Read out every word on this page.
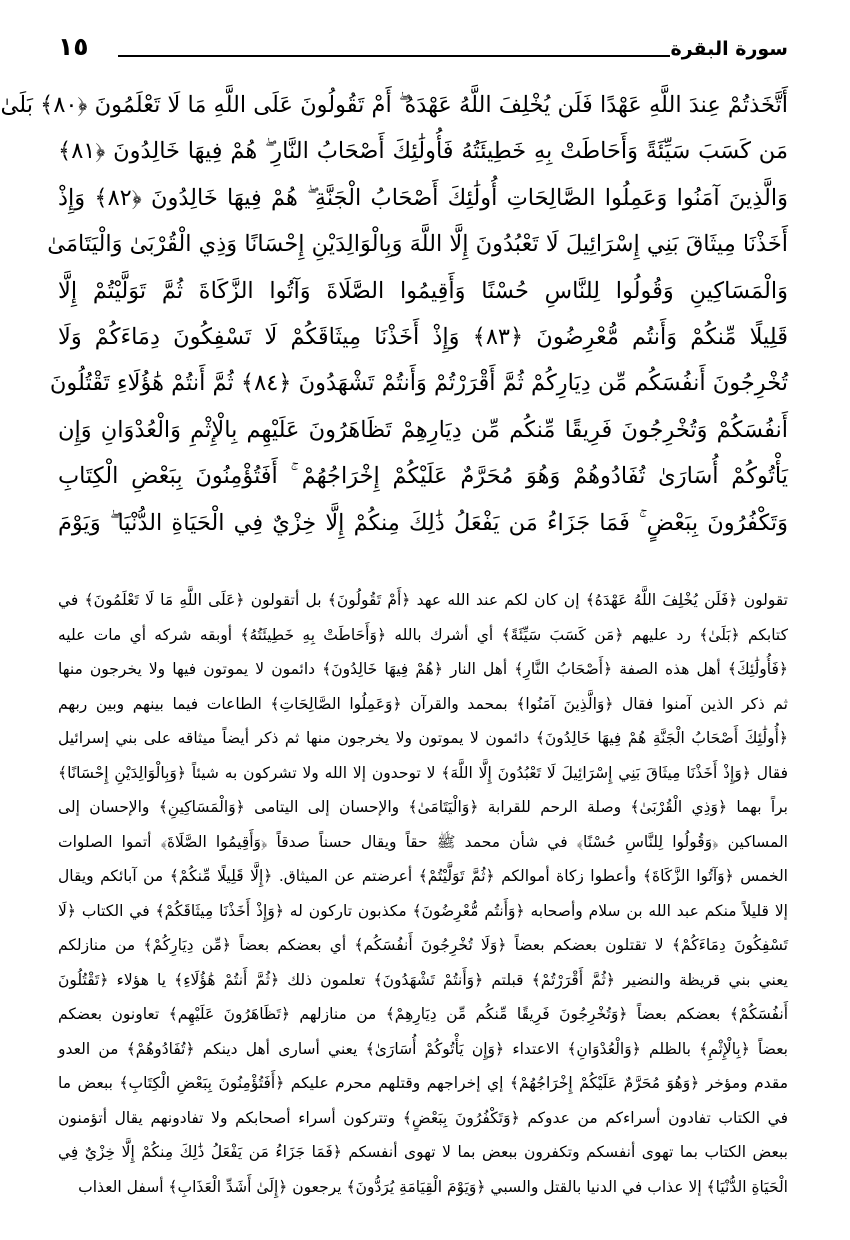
سورة البقرة
١٥
أَتَّخَذتُمْ عِندَ اللَّهِ عَهْدًا فَلَن يُخْلِفَ اللَّهُ عَهْدَهُ ۖ أَمْ تَقُولُونَ عَلَى اللَّهِ مَا لَا تَعْلَمُونَ ﴿٨٠﴾ بَلَىٰ
مَن كَسَبَ سَيِّئَةً وَأَحَاطَتْ بِهِ خَطِيئَتُهُ فَأُولَٰئِكَ أَصْحَابُ النَّارِ ۖ هُمْ فِيهَا خَالِدُونَ ﴿٨١﴾
وَالَّذِينَ آمَنُوا وَعَمِلُوا الصَّالِحَاتِ أُولَٰئِكَ أَصْحَابُ الْجَنَّةِ ۖ هُمْ فِيهَا خَالِدُونَ ﴿٨٢﴾ وَإِذْ
أَخَذْنَا مِيثَاقَ بَنِي إِسْرَائِيلَ لَا تَعْبُدُونَ إِلَّا اللَّهَ وَبِالْوَالِدَيْنِ إِحْسَانًا وَذِي الْقُرْبَىٰ وَالْيَتَامَىٰ
وَالْمَسَاكِينِ وَقُولُوا لِلنَّاسِ حُسْنًا وَأَقِيمُوا الصَّلَاةَ وَآتُوا الزَّكَاةَ ثُمَّ تَوَلَّيْتُمْ إِلَّا
قَلِيلًا مِّنكُمْ وَأَنتُم مُّعْرِضُونَ ﴿٨٣﴾ وَإِذْ أَخَذْنَا مِيثَاقَكُمْ لَا تَسْفِكُونَ دِمَاءَكُمْ وَلَا
تُخْرِجُونَ أَنفُسَكُم مِّن دِيَارِكُمْ ثُمَّ أَقْرَرْتُمْ وَأَنتُمْ تَشْهَدُونَ ﴿٨٤﴾ ثُمَّ أَنتُمْ هَٰؤُلَاءِ تَقْتُلُونَ
أَنفُسَكُمْ وَتُخْرِجُونَ فَرِيقًا مِّنكُم مِّن دِيَارِهِمْ تَظَاهَرُونَ عَلَيْهِم بِالْإِثْمِ وَالْعُدْوَانِ وَإِن
يَأْتُوكُمْ أُسَارَىٰ تُفَادُوهُمْ وَهُوَ مُحَرَّمٌ عَلَيْكُمْ إِخْرَاجُهُمْ ۚ أَفَتُؤْمِنُونَ بِبَعْضِ الْكِتَابِ
وَتَكْفُرُونَ بِبَعْضٍ ۚ فَمَا جَزَاءُ مَن يَفْعَلُ ذَٰلِكَ مِنكُمْ إِلَّا خِزْيٌ فِي الْحَيَاةِ الدُّنْيَا ۖ وَيَوْمَ
تقولون ﴿فَلَن يُخْلِفَ اللَّهُ عَهْدَهُ﴾ إن كان لكم عند الله عهد ﴿أَمْ تَقُولُونَ﴾ بل أتقولون ﴿عَلَى اللَّهِ مَا لَا تَعْلَمُونَ﴾ في
كتابكم ﴿بَلَىٰ﴾ رد عليهم ﴿مَن كَسَبَ سَيِّئَةً﴾ أي أشرك بالله ﴿وَأَحَاطَتْ بِهِ خَطِيئَتُهُ﴾ أوبقه شركه أي مات عليه
﴿فَأُولَٰئِكَ﴾ أهل هذه الصفة ﴿أَصْحَابُ النَّارِ﴾ أهل النار ﴿هُمْ فِيهَا خَالِدُونَ﴾ دائمون لا يموتون فيها ولا يخرجون منها
ثم ذكر الذين آمنوا فقال ﴿وَالَّذِينَ آمَنُوا﴾ بمحمد والقرآن ﴿وَعَمِلُوا الصَّالِحَاتِ﴾ الطاعات فيما بينهم وبين ربهم
﴿أُولَٰئِكَ أَصْحَابُ الْجَنَّةِ هُمْ فِيهَا خَالِدُونَ﴾ دائمون لا يموتون ولا يخرجون منها ثم ذكر أيضاً ميثاقه على بني إسرائيل
فقال ﴿وَإِذْ أَخَذْنَا مِيثَاقَ بَنِي إِسْرَائِيلَ لَا تَعْبُدُونَ إِلَّا اللَّهَ﴾ لا توحدون إلا الله ولا تشركون به شيئاً ﴿وَبِالْوَالِدَيْنِ إِحْسَانًا﴾
براً بهما ﴿وَذِي الْقُرْبَىٰ﴾ وصلة الرحم للقرابة ﴿وَالْيَتَامَىٰ﴾ والإحسان إلى اليتامى ﴿وَالْمَسَاكِينِ﴾ والإحسان إلى
المساكين ﴿وَقُولُوا لِلنَّاسِ حُسْنًا﴾ في شأن محمد ﷺ حقاً ويقال حسناً صدقاً ﴿وَأَقِيمُوا الصَّلَاةَ﴾ أتموا الصلوات
الخمس ﴿وَآتُوا الزَّكَاةَ﴾ وأعطوا زكاة أموالكم ﴿ثُمَّ تَوَلَّيْتُمْ﴾ أعرضتم عن الميثاق. ﴿إِلَّا قَلِيلًا مِّنكُمْ﴾ من آبائكم ويقال
إلا قليلاً منكم عبد الله بن سلام وأصحابه ﴿وَأَنتُم مُّعْرِضُونَ﴾ مكذبون تاركون له ﴿وَإِذْ أَخَذْنَا مِيثَاقَكُمْ﴾ في الكتاب ﴿لَا
تَسْفِكُونَ دِمَاءَكُمْ﴾ لا تقتلون بعضكم بعضاً ﴿وَلَا تُخْرِجُونَ أَنفُسَكُم﴾ أي بعضكم بعضاً ﴿مِّن دِيَارِكُمْ﴾ من منازلكم
يعني بني قريظة والنضير ﴿ثُمَّ أَقْرَرْتُمْ﴾ قبلتم ﴿وَأَنتُمْ تَشْهَدُونَ﴾ تعلمون ذلك ﴿ثُمَّ أَنتُمْ هَٰؤُلَاءِ﴾ يا هؤلاء ﴿تَقْتُلُونَ
أَنفُسَكُمْ﴾ بعضكم بعضاً ﴿وَتُخْرِجُونَ فَرِيقًا مِّنكُم مِّن دِيَارِهِمْ﴾ من منازلهم ﴿تَظَاهَرُونَ عَلَيْهِم﴾ تعاونون بعضكم
بعضاً ﴿بِالْإِثْمِ﴾ بالظلم ﴿وَالْعُدْوَانِ﴾ الاعتداء ﴿وَإِن يَأْتُوكُمْ أُسَارَىٰ﴾ يعني أسارى أهل دينكم ﴿تُفَادُوهُمْ﴾ من العدو
مقدم ومؤخر ﴿وَهُوَ مُحَرَّمٌ عَلَيْكُمْ إِخْرَاجُهُمْ﴾ إي إخراجهم وقتلهم محرم عليكم ﴿أَفَتُؤْمِنُونَ بِبَعْضِ الْكِتَابِ﴾ ببعض ما
في الكتاب تفادون أسراءكم من عدوكم ﴿وَتَكْفُرُونَ بِبَعْضٍ﴾ وتتركون أسراء أصحابكم ولا تفادونهم يقال أتؤمنون
ببعض الكتاب بما تهوى أنفسكم وتكفرون ببعض بما لا تهوى أنفسكم ﴿فَمَا جَزَاءُ مَن يَفْعَلُ ذَٰلِكَ مِنكُمْ إِلَّا خِزْيٌ فِي
الْحَيَاةِ الدُّنْيَا﴾ إلا عذاب في الدنيا بالقتل والسبي ﴿وَيَوْمَ الْقِيَامَةِ يُرَدُّونَ﴾ يرجعون ﴿إِلَىٰ أَشَدِّ الْعَذَابِ﴾ أسفل العذاب
